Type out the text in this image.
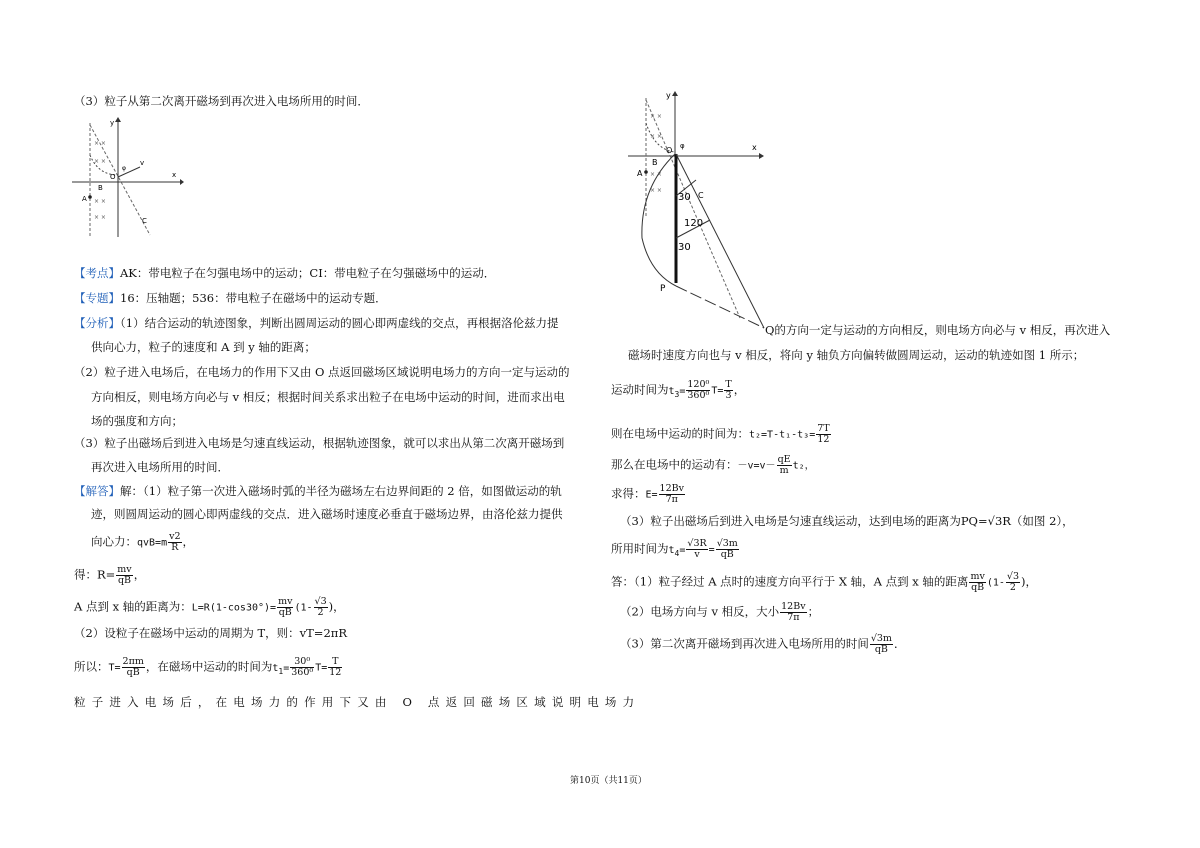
（3）粒子从第二次离开磁场到再次进入电场所用的时间．
× ×
× ×
× ×
× ×
x
y
O
A
B
C
v
φ
【考点】AK：带电粒子在匀强电场中的运动；CI：带电粒子在匀强磁场中的运动．
【专题】16：压轴题；536：带电粒子在磁场中的运动专题．
【分析】（1）结合运动的轨迹图象，判断出圆周运动的圆心即两虚线的交点，再根据洛伦兹力提
供向心力，粒子的速度和 A 到 y 轴的距离；
（2）粒子进入电场后，在电场力的作用下又由 O 点返回磁场区域说明电场力的方向一定与运动的
方向相反，则电场方向必与 v 相反；根据时间关系求出粒子在电场中运动的时间，进而求出电
场的强度和方向；
（3）粒子出磁场后到进入电场是匀速直线运动，根据轨迹图象，就可以求出从第二次离开磁场到
再次进入电场所用的时间．
【解答】解：（1）粒子第一次进入磁场时弧的半径为磁场左右边界间距的 2 倍，如图做运动的轨
迹，则圆周运动的圆心即两虚线的交点．进入磁场时速度必垂直于磁场边界，由洛伦兹力提供
向心力：$qvB=m \frac{v2}{R}$ ，
得：$R= \frac{mv}{qB}$ ，
A 点到 x 轴的距离为：$L=R(1-\cos 30^\circ)= \frac{mv}{qB} (1- \frac{√3}{2}$ )，
（2）设粒子在磁场中运动的周期为 T，则：vT=2πR
所以：$T= \frac{2\pi m}{qB}$ ，在磁场中运动的时间为$t_1= \frac{\text{30⁰}}{\text{360⁰}} T= \frac{T}{12}$
粒子进入电场后，在电场力的作用下又由 O 点返回磁场区域说明电场力
× ×
× ×
× ×
× ×
x
y
O
A
B
C
P
30
120
30
φ
Q的方向一定与运动的方向相反，则电场方向必与 v 相反，再次进入
磁场时速度方向也与 v 相反，将向 y 轴负方向偏转做圆周运动，运动的轨迹如图 1 所示；
运动时间为$t_3= \frac{\text{120⁰}}{\text{360⁰}} T= \frac{T}{3}$ ，
则在电场中运动的时间为：$t_2=T-t_1-t_3= \frac{7T}{12}$
那么在电场中的运动有：$-v=v- \frac{qE}{m} t_2$，
求得：$E= \frac{12Bv}{7\pi}$
（3）粒子出磁场后到进入电场是匀速直线运动，达到电场的距离为PQ=√3R（如图 2），
所用时间为$t_4= \frac{√3R}{v} = \frac{√3m}{qB}$
答：（1）粒子经过 A 点时的速度方向平行于 X 轴，A 点到 x 轴的距离 $\frac{mv}{qB} (1- \frac{√3}{2}$ )，
（2）电场方向与 v 相反，大小 $\frac{12Bv}{7\pi}$ ；
（3）第二次离开磁场到再次进入电场所用的时间 $\frac{√3m}{qB}$ ．
第10页（共11页）
